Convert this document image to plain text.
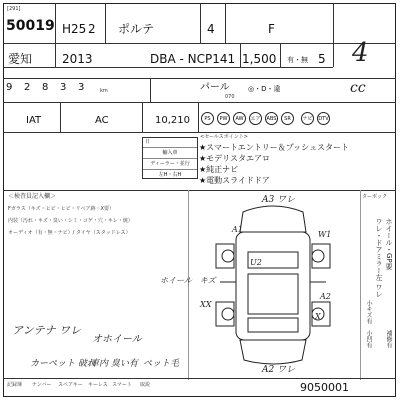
[291]
50019 H25 2 ポルテ	4	F
愛知 2013	DBA - NCP141 1,500 有・無 5 4
9 2 8 3 3	km	パール
070
◎・D・違	cc
IAT	AC	10,210	PS	PW	AW	エア	ABS	SR	ナビ	DTV
日
輸入車
ディーラー・並行
左H・右H
<セールスポイント>
★スマートエントリー＆プッシュスタート
★モデリスタエアロ
★純正ナビ
★電動スライドドア
＜検査員記入欄＞
Fガラス（キズ・ヒビ・ヒビ・リペア跡・X要）
内装（汚れ・キズ・臭い・シミ・コゲ・穴・キレ・焼）
オーディオ（有・無・ナビ）/ タイヤ（スタッドレス）
A3 ワレ
A1
W1
U2
ホイール　キズ
XX
A2 ワレ
X
A2
ターボック
ホイール・GP要
ワレ・ドアミラー左 ワレ
小キズ有
小凹有 補修有
アンテナ ワレ
オホイール
カーペット 破れ
車内 臭い有 ペット毛
記録簿 ナンバー スペアキー キーレス スマート 取説	9050001
